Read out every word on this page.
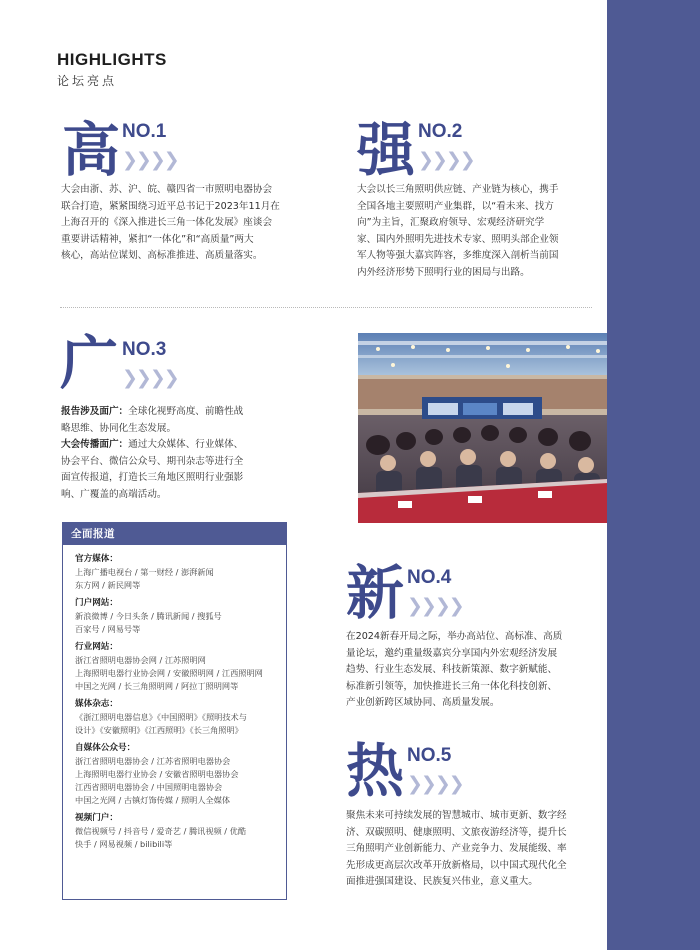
HIGHLIGHTS
论坛亮点
高 NO.1
❯❯❯❯
大会由浙、苏、沪、皖、赣四省一市照明电器协会
联合打造，紧紧围绕习近平总书记于2023年11月在
上海召开的《深入推进长三角一体化发展》座谈会
重要讲话精神，紧扣“一体化”和“高质量”两大
核心，高站位谋划、高标准推进、高质量落实。
强 NO.2
❯❯❯❯
大会以长三角照明供应链、产业链为核心，携手
全国各地主要照明产业集群，以“看未来、找方
向”为主旨，汇聚政府领导、宏观经济研究学
家、国内外照明先进技术专家、照明头部企业领
军人物等强大嘉宾阵容，多维度深入剖析当前国
内外经济形势下照明行业的困局与出路。
广 NO.3
❯❯❯❯
报告涉及面广：全球化视野高度、前瞻性战
略思维、协同化生态发展。
大会传播面广：通过大众媒体、行业媒体、
协会平台、微信公众号、期刊杂志等进行全
面宣传报道，打造长三角地区照明行业强影
响、广覆盖的高端活动。
全面报道
官方媒体：
上海广播电视台 / 第一财经 / 澎湃新闻
东方网 / 新民网等
门户网站：
新浪微博 / 今日头条 / 腾讯新闻 / 搜狐号
百家号 / 网易号等
行业网站：
浙江省照明电器协会网 / 江苏照明网
上海照明电器行业协会网 / 安徽照明网 / 江西照明网
中国之光网 / 长三角照明网 / 阿拉丁照明网等
媒体杂志：
《浙江照明电器信息》《中国照明》《照明技术与
设计》《安徽照明》《江西照明》《长三角照明》
自媒体公众号：
浙江省照明电器协会 / 江苏省照明电器协会
上海照明电器行业协会 / 安徽省照明电器协会
江西省照明电器协会 / 中国照明电器协会
中国之光网 / 古镇灯饰传媒 / 照明人全媒体
视频门户：
微信视频号 / 抖音号 / 爱奇艺 / 腾讯视频 / 优酷
快手 / 网易视频 / bilibili等
新 NO.4
❯❯❯❯
在2024新春开局之际，举办高站位、高标准、高质
量论坛，邀约重量级嘉宾分享国内外宏观经济发展
趋势、行业生态发展、科技新策源、数字新赋能、
标准新引领等，加快推进长三角一体化科技创新、
产业创新跨区域协同、高质量发展。
热 NO.5
❯❯❯❯
聚焦未来可持续发展的智慧城市、城市更新、数字经
济、双碳照明、健康照明、文旅夜游经济等，提升长
三角照明产业创新能力、产业竞争力、发展能级、率
先形成更高层次改革开放新格局，以中国式现代化全
面推进强国建设、民族复兴伟业，意义重大。
